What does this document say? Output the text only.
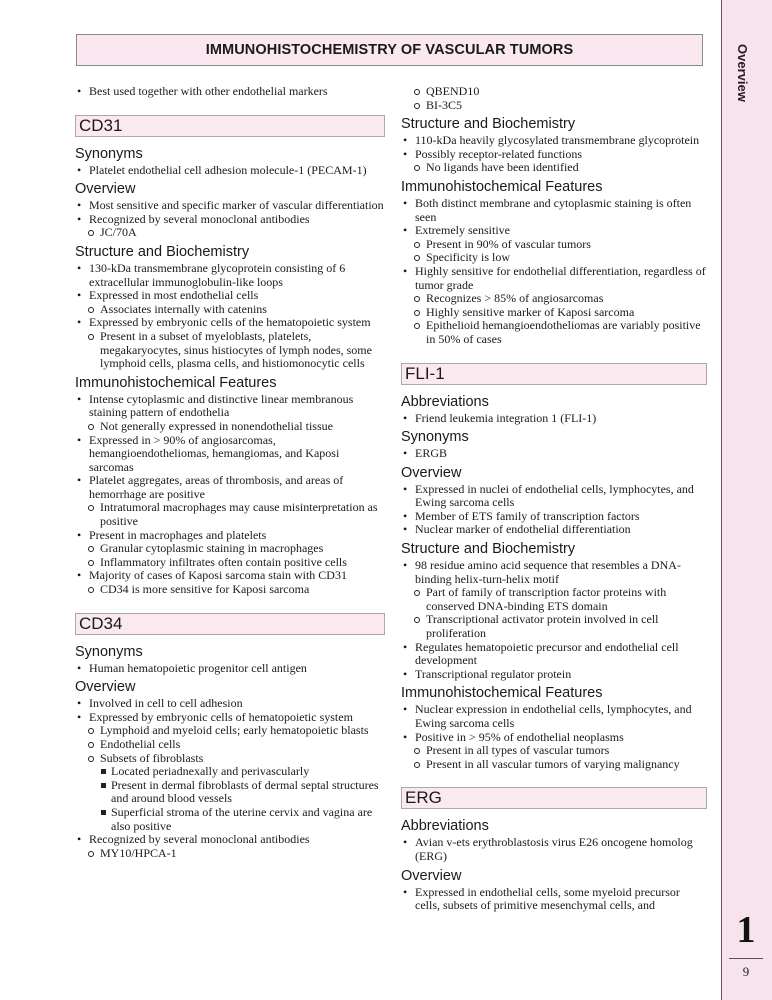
Overview
1
9
IMMUNOHISTOCHEMISTRY OF VASCULAR TUMORS
• Best used together with other endothelial markers
CD31
Synonyms
• Platelet endothelial cell adhesion molecule-1 (PECAM-1)
Overview
• Most sensitive and specific marker of vascular differentiation
• Recognized by several monoclonal antibodies
JC/70A
Structure and Biochemistry
• 130-kDa transmembrane glycoprotein consisting of 6 extracellular immunoglobulin-like loops
• Expressed in most endothelial cells
Associates internally with catenins
• Expressed by embryonic cells of the hematopoietic system
Present in a subset of myeloblasts, platelets, megakaryocytes, sinus histiocytes of lymph nodes, some lymphoid cells, plasma cells, and histiomonocytic cells
Immunohistochemical Features
• Intense cytoplasmic and distinctive linear membranous staining pattern of endothelia
Not generally expressed in nonendothelial tissue
• Expressed in > 90% of angiosarcomas, hemangioendotheliomas, hemangiomas, and Kaposi sarcomas
• Platelet aggregates, areas of thrombosis, and areas of hemorrhage are positive
Intratumoral macrophages may cause misinterpretation as positive
• Present in macrophages and platelets
Granular cytoplasmic staining in macrophages
Inflammatory infiltrates often contain positive cells
• Majority of cases of Kaposi sarcoma stain with CD31
CD34 is more sensitive for Kaposi sarcoma
CD34
Synonyms
• Human hematopoietic progenitor cell antigen
Overview
• Involved in cell to cell adhesion
• Expressed by embryonic cells of hematopoietic system
Lymphoid and myeloid cells; early hematopoietic blasts
Endothelial cells
Subsets of fibroblasts
Located periadnexally and perivascularly
Present in dermal fibroblasts of dermal septal structures and around blood vessels
Superficial stroma of the uterine cervix and vagina are also positive
• Recognized by several monoclonal antibodies
MY10/HPCA-1
QBEND10
BI-3C5
Structure and Biochemistry
• 110-kDa heavily glycosylated transmembrane glycoprotein
• Possibly receptor-related functions
No ligands have been identified
Immunohistochemical Features
• Both distinct membrane and cytoplasmic staining is often seen
• Extremely sensitive
Present in 90% of vascular tumors
Specificity is low
• Highly sensitive for endothelial differentiation, regardless of tumor grade
Recognizes > 85% of angiosarcomas
Highly sensitive marker of Kaposi sarcoma
Epithelioid hemangioendotheliomas are variably positive in 50% of cases
FLI-1
Abbreviations
• Friend leukemia integration 1 (FLI-1)
Synonyms
• ERGB
Overview
• Expressed in nuclei of endothelial cells, lymphocytes, and Ewing sarcoma cells
• Member of ETS family of transcription factors
• Nuclear marker of endothelial differentiation
Structure and Biochemistry
• 98 residue amino acid sequence that resembles a DNA-binding helix-turn-helix motif
Part of family of transcription factor proteins with conserved DNA-binding ETS domain
Transcriptional activator protein involved in cell proliferation
• Regulates hematopoietic precursor and endothelial cell development
• Transcriptional regulator protein
Immunohistochemical Features
• Nuclear expression in endothelial cells, lymphocytes, and Ewing sarcoma cells
• Positive in > 95% of endothelial neoplasms
Present in all types of vascular tumors
Present in all vascular tumors of varying malignancy
ERG
Abbreviations
• Avian v-ets erythroblastosis virus E26 oncogene homolog (ERG)
Overview
• Expressed in endothelial cells, some myeloid precursor cells, subsets of primitive mesenchymal cells, and
